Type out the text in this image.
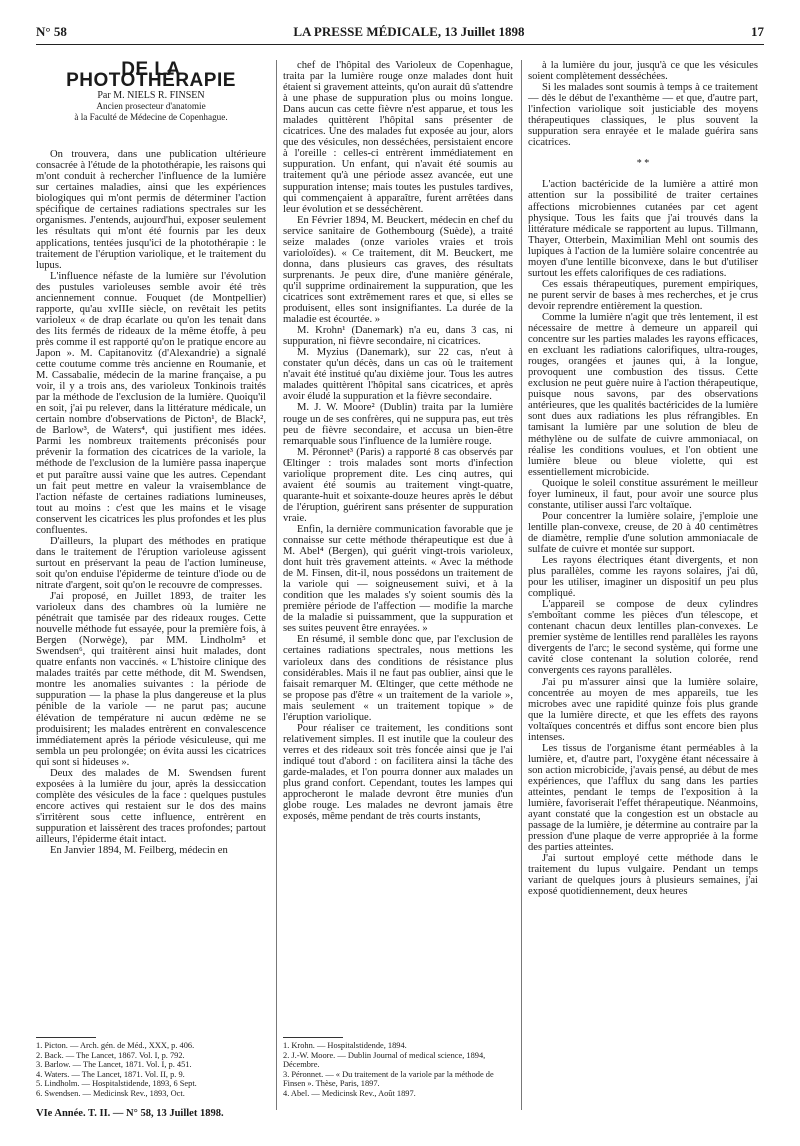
N° 58	LA PRESSE MÉDICALE, 13 Juillet 1898	17
DE LA PHOTOTHÉRAPIE
Par M. NIELS R. FINSEN
Ancien prosecteur d'anatomie
à la Faculté de Médecine de Copenhague.

On trouvera, dans une publication ultérieure consacrée à l'étude de la photothérapie, les raisons qui m'ont conduit à rechercher l'influence de la lumière sur certaines maladies, ainsi que les expériences biologiques qui m'ont permis de déterminer l'action spécifique de certaines radiations spectrales sur les organismes. J'entends, aujourd'hui, exposer seulement les résultats qui m'ont été fournis par les deux applications, tentées jusqu'ici de la photothérapie : le traitement de l'éruption variolique, et le traitement du lupus.

L'influence néfaste de la lumière sur l'évolution des pustules varioleuses semble avoir été très anciennement connue. Fouquet (de Montpellier) rapporte, qu'au xvIIIe siècle, on revêtait les petits varioleux « de drap écarlate ou qu'on les tenait dans des lits fermés de rideaux de la même étoffe, à peu près comme il est rapporté qu'on le pratique encore au Japon ». M. Capitanovitz (d'Alexandrie) a signalé cette coutume comme très ancienne en Roumanie, et M. Cassabalie, médecin de la marine française, a pu voir, il y a trois ans, des varioleux Tonkinois traités par la méthode de l'exclusion de la lumière. Quoiqu'il en soit, j'ai pu relever, dans la littérature médicale, un certain nombre d'observations de Picton¹, de Black², de Barlow³, de Waters⁴, qui justifient mes idées. Parmi les nombreux traitements préconisés pour prévenir la formation des cicatrices de la variole, la méthode de l'exclusion de la lumière passa inaperçue et put paraître aussi vaine que les autres. Cependant un fait peut mettre en valeur la vraisemblance de l'action néfaste de certaines radiations lumineuses, tout au moins : c'est que les mains et le visage conservent les cicatrices les plus profondes et les plus confluentes.

D'ailleurs, la plupart des méthodes en pratique dans le traitement de l'éruption varioleuse agissent surtout en préservant la peau de l'action lumineuse, soit qu'on enduise l'épiderme de teinture d'iode ou de nitrate d'argent, soit qu'on le recouvre de compresses.

J'ai proposé, en Juillet 1893, de traiter les varioleux dans des chambres où la lumière ne pénétrait que tamisée par des rideaux rouges. Cette nouvelle méthode fut essayée, pour la première fois, à Bergen (Norwège), par MM. Lindholm⁵ et Swendsen⁶, qui traitèrent ainsi huit malades, dont quatre enfants non vaccinés. « L'histoire clinique des malades traités par cette méthode, dit M. Swendsen, montre les anomalies suivantes : la période de suppuration — la phase la plus dangereuse et la plus pénible de la variole — ne parut pas; aucune élévation de température ni aucun œdème ne se produisirent; les malades entrèrent en convalescence immédiatement après la période vésiculeuse, qui me sembla un peu prolongée; on évita aussi les cicatrices qui sont si hideuses ».

Deux des malades de M. Swendsen furent exposées à la lumière du jour, après la dessiccation complète des vésicules de la face : quelques pustules encore actives qui restaient sur le dos des mains s'irritèrent sous cette influence, entrèrent en suppuration et laissèrent des traces profondes; partout ailleurs, l'épiderme était intact.

En Janvier 1894, M. Feilberg, médecin en

chef de l'hôpital des Varioleux de Copenhague, traita par la lumière rouge onze malades dont huit étaient si gravement atteints, qu'on aurait dû s'attendre à une phase de suppuration plus ou moins longue. Dans aucun cas cette fièvre n'est apparue, et tous les malades quittèrent l'hôpital sans présenter de cicatrices. Une des malades fut exposée au jour, alors que des vésicules, non desséchées, persistaient encore à l'oreille : celles-ci entrèrent immédiatement en suppuration. Un enfant, qui n'avait été soumis au traitement qu'à une période assez avancée, eut une suppuration intense; mais toutes les pustules tardives, qui commençaient à apparaître, furent arrêtées dans leur évolution et se desséchèrent.

En Février 1894, M. Beuckert, médecin en chef du service sanitaire de Gothembourg (Suède), a traité seize malades (onze varioles vraies et trois varioloïdes). « Ce traitement, dit M. Beuckert, me donna, dans plusieurs cas graves, des résultats surprenants. Je peux dire, d'une manière générale, qu'il supprime ordinairement la suppuration, que les cicatrices sont extrêmement rares et que, si elles se produisent, elles sont insignifiantes. La durée de la maladie est écourtée. »

M. Krohn¹ (Danemark) n'a eu, dans 3 cas, ni suppuration, ni fièvre secondaire, ni cicatrices.

M. Myzius (Danemark), sur 22 cas, n'eut à constater qu'un décès, dans un cas où le traitement n'avait été institué qu'au dixième jour. Tous les autres malades quittèrent l'hôpital sans cicatrices, et après avoir éludé la suppuration et la fièvre secondaire.

M. J. W. Moore² (Dublin) traita par la lumière rouge un de ses confrères, qui ne suppura pas, eut très peu de fièvre secondaire, et accusa un bien-être remarquable sous l'influence de la lumière rouge.

M. Péronnet³ (Paris) a rapporté 8 cas observés par Œltinger : trois malades sont morts d'infection variolique proprement dite. Les cinq autres, qui avaient été soumis au traitement vingt-quatre, quarante-huit et soixante-douze heures après le début de l'éruption, guérirent sans présenter de suppuration vraie.

Enfin, la dernière communication favorable que je connaisse sur cette méthode thérapeutique est due à M. Abel⁴ (Bergen), qui guérit vingt-trois varioleux, dont huit très gravement atteints. « Avec la méthode de M. Finsen, dit-il, nous possédons un traitement de la variole qui — soigneusement suivi, et à la condition que les malades s'y soient soumis dès la première période de l'affection — modifie la marche de la maladie si puissamment, que la suppuration et ses suites peuvent être enrayées. »

En résumé, il semble donc que, par l'exclusion de certaines radiations spectrales, nous mettions les varioleux dans des conditions de résistance plus considérables. Mais il ne faut pas oublier, ainsi que le faisait remarquer M. Œltinger, que cette méthode ne se propose pas d'être « un traitement de la variole », mais seulement « un traitement topique » de l'éruption variolique.

Pour réaliser ce traitement, les conditions sont relativement simples. Il est inutile que la couleur des verres et des rideaux soit très foncée ainsi que je l'ai indiqué tout d'abord : on facilitera ainsi la tâche des garde-malades, et l'on pourra donner aux malades un plus grand confort. Cependant, toutes les lampes qui approcheront le malade devront être munies d'un globe rouge. Les malades ne devront jamais être exposés, même pendant de très courts instants,

à la lumière du jour, jusqu'à ce que les vésicules soient complètement desséchées.

Si les malades sont soumis à temps à ce traitement — dès le début de l'exanthème — et que, d'autre part, l'infection variolique soit justiciable des moyens thérapeutiques classiques, le plus souvent la suppuration sera enrayée et le malade guérira sans cicatrices.

* *

L'action bactéricide de la lumière a attiré mon attention sur la possibilité de traiter certaines affections microbiennes cutanées par cet agent physique. Tous les faits que j'ai trouvés dans la littérature médicale se rapportent au lupus. Tillmann, Thayer, Otterbein, Maximilian Mehl ont soumis des lupiques à l'action de la lumière solaire concentrée au moyen d'une lentille biconvexe, dans le but d'utiliser surtout les effets calorifiques de ces radiations.

Ces essais thérapeutiques, purement empiriques, ne purent servir de bases à mes recherches, et je crus devoir reprendre entièrement la question.

Comme la lumière n'agit que très lentement, il est nécessaire de mettre à demeure un appareil qui concentre sur les parties malades les rayons efficaces, en excluant les radiations calorifiques, ultra-rouges, rouges, orangées et jaunes qui, à la longue, provoquent une combustion des tissus. Cette exclusion ne peut guère nuire à l'action thérapeutique, puisque nous savons, par des observations antérieures, que les qualités bactéricides de la lumière sont dues aux radiations les plus réfrangibles. En tamisant la lumière par une solution de bleu de méthylène ou de sulfate de cuivre ammoniacal, on réalise les conditions voulues, et l'on obtient une lumière bleue ou bleue violette, qui est essentiellement microbicide.

Quoique le soleil constitue assurément le meilleur foyer lumineux, il faut, pour avoir une source plus constante, utiliser aussi l'arc voltaïque.

Pour concentrer la lumière solaire, j'emploie une lentille plan-convexe, creuse, de 20 à 40 centimètres de diamètre, remplie d'une solution ammoniacale de sulfate de cuivre et montée sur support.

Les rayons électriques étant divergents, et non plus parallèles, comme les rayons solaires, j'ai dû, pour les utiliser, imaginer un dispositif un peu plus compliqué.

L'appareil se compose de deux cylindres s'emboîtant comme les pièces d'un télescope, et contenant chacun deux lentilles plan-convexes. Le premier système de lentilles rend parallèles les rayons divergents de l'arc; le second système, qui forme une cavité close contenant la solution colorée, rend convergents ces rayons parallèles.

J'ai pu m'assurer ainsi que la lumière solaire, concentrée au moyen de mes appareils, tue les microbes avec une rapidité quinze fois plus grande que la lumière directe, et que les effets des rayons voltaïques concentrés et diffus sont encore bien plus intenses.

Les tissus de l'organisme étant perméables à la lumière, et, d'autre part, l'oxygène étant nécessaire à son action microbicide, j'avais pensé, au début de mes expériences, que l'afflux du sang dans les parties atteintes, pendant le temps de l'exposition à la lumière, favoriserait l'effet thérapeutique. Néanmoins, ayant constaté que la congestion est un obstacle au passage de la lumière, je détermine au contraire par la pression d'une plaque de verre appropriée à la forme des parties atteintes.

J'ai surtout employé cette méthode dans le traitement du lupus vulgaire. Pendant un temps variant de quelques jours à plusieurs semaines, j'ai exposé quotidiennement, deux heures

1. Picton. — Arch. gén. de Méd., XXX, p. 406.
2. Back. — The Lancet, 1867. Vol. I, p. 792.
3. Barlow. — The Lancet, 1871. Vol. I, p. 451.
4. Waters. — The Lancet, 1871. Vol. II, p. 9.
5. Lindholm. — Hospitalstidende, 1893, 6 Sept.
6. Swendsen. — Medicinsk Rev., 1893, Oct.
1. Krohn. — Hospitalstidende, 1894.
2. J.-W. Moore. — Dublin Journal of medical science, 1894, Décembre.
3. Péronnet. — « Du traitement de la variole par la méthode de Finsen ». Thèse, Paris, 1897.
4. Abel. — Medicinsk Rev., Août 1897.
VIe Année. T. II. — N° 58, 13 Juillet 1898.
